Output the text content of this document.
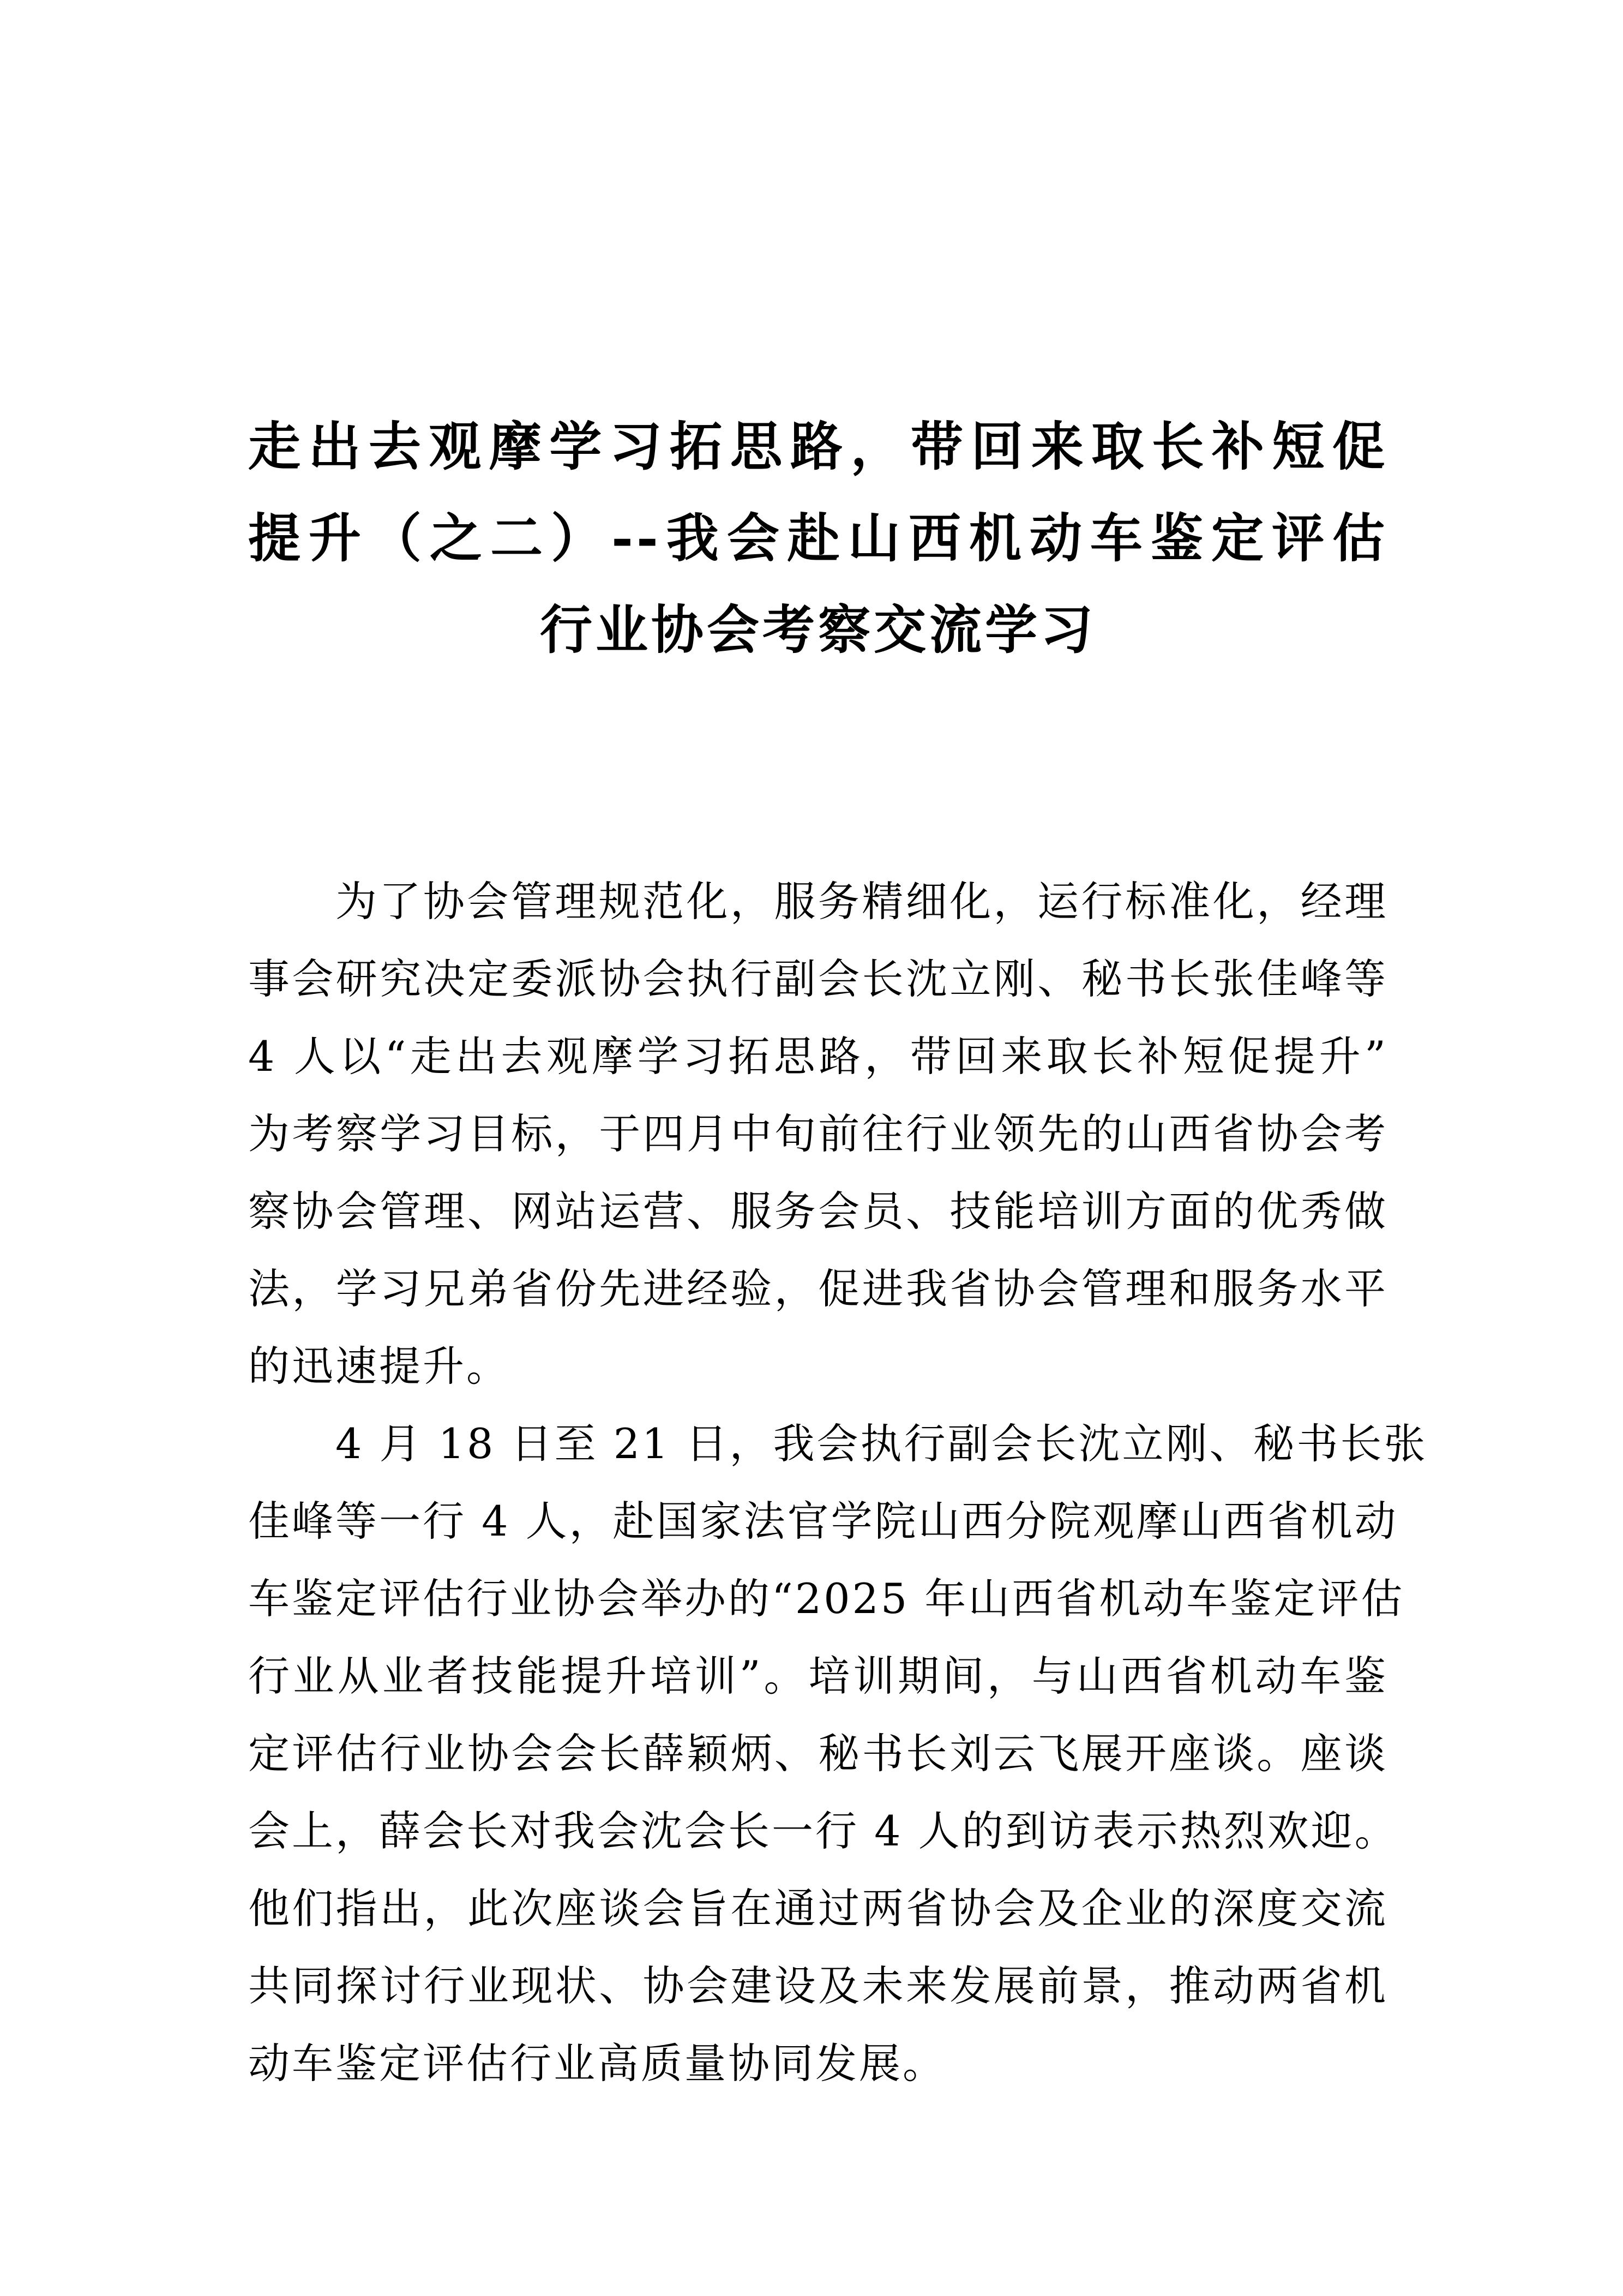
走出去观摩学习拓思路，带回来取长补短促
提升（之二）--我会赴山西机动车鉴定评估
行业协会考察交流学习
为了协会管理规范化，服务精细化，运行标准化，经理
事会研究决定委派协会执行副会长沈立刚、秘书长张佳峰等
4 人以“走出去观摩学习拓思路，带回来取长补短促提升”
为考察学习目标，于四月中旬前往行业领先的山西省协会考
察协会管理、网站运营、服务会员、技能培训方面的优秀做
法，学习兄弟省份先进经验，促进我省协会管理和服务水平
的迅速提升。
4 月 18 日至 21 日，我会执行副会长沈立刚、秘书长张
佳峰等一行 4 人，赴国家法官学院山西分院观摩山西省机动
车鉴定评估行业协会举办的“2025 年山西省机动车鉴定评估
行业从业者技能提升培训”。培训期间，与山西省机动车鉴
定评估行业协会会长薛颖炳、秘书长刘云飞展开座谈。座谈
会上，薛会长对我会沈会长一行 4 人的到访表示热烈欢迎。
他们指出，此次座谈会旨在通过两省协会及企业的深度交流
共同探讨行业现状、协会建设及未来发展前景，推动两省机
动车鉴定评估行业高质量协同发展。
